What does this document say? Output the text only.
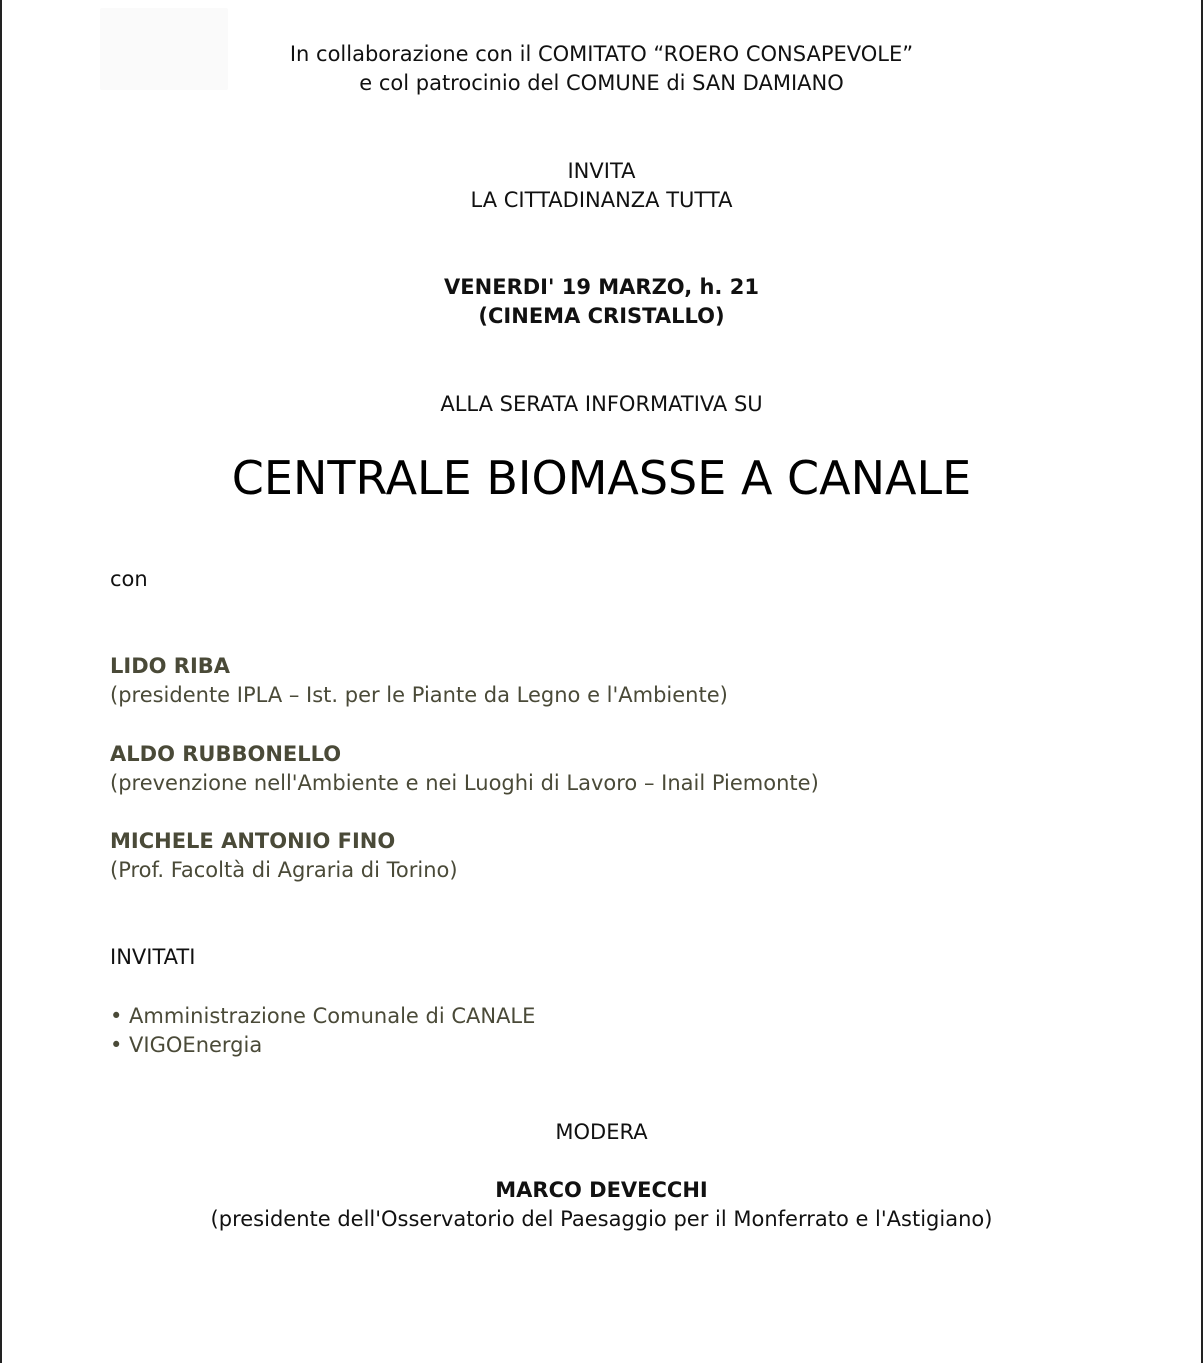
In collaborazione con il COMITATO “ROERO CONSAPEVOLE”
e col patrocinio del COMUNE di SAN DAMIANO
INVITA
LA CITTADINANZA TUTTA
VENERDI' 19 MARZO, h. 21
(CINEMA CRISTALLO)
ALLA SERATA INFORMATIVA SU
CENTRALE BIOMASSE A CANALE
con
LIDO RIBA
(presidente IPLA – Ist. per le Piante da Legno e l'Ambiente)
ALDO RUBBONELLO
(prevenzione nell'Ambiente e nei Luoghi di Lavoro – Inail Piemonte)
MICHELE ANTONIO FINO
(Prof. Facoltà di Agraria di Torino)
INVITATI
• Amministrazione Comunale di CANALE
• VIGOEnergia
MODERA
MARCO DEVECCHI
(presidente dell'Osservatorio del Paesaggio per il Monferrato e l'Astigiano)
